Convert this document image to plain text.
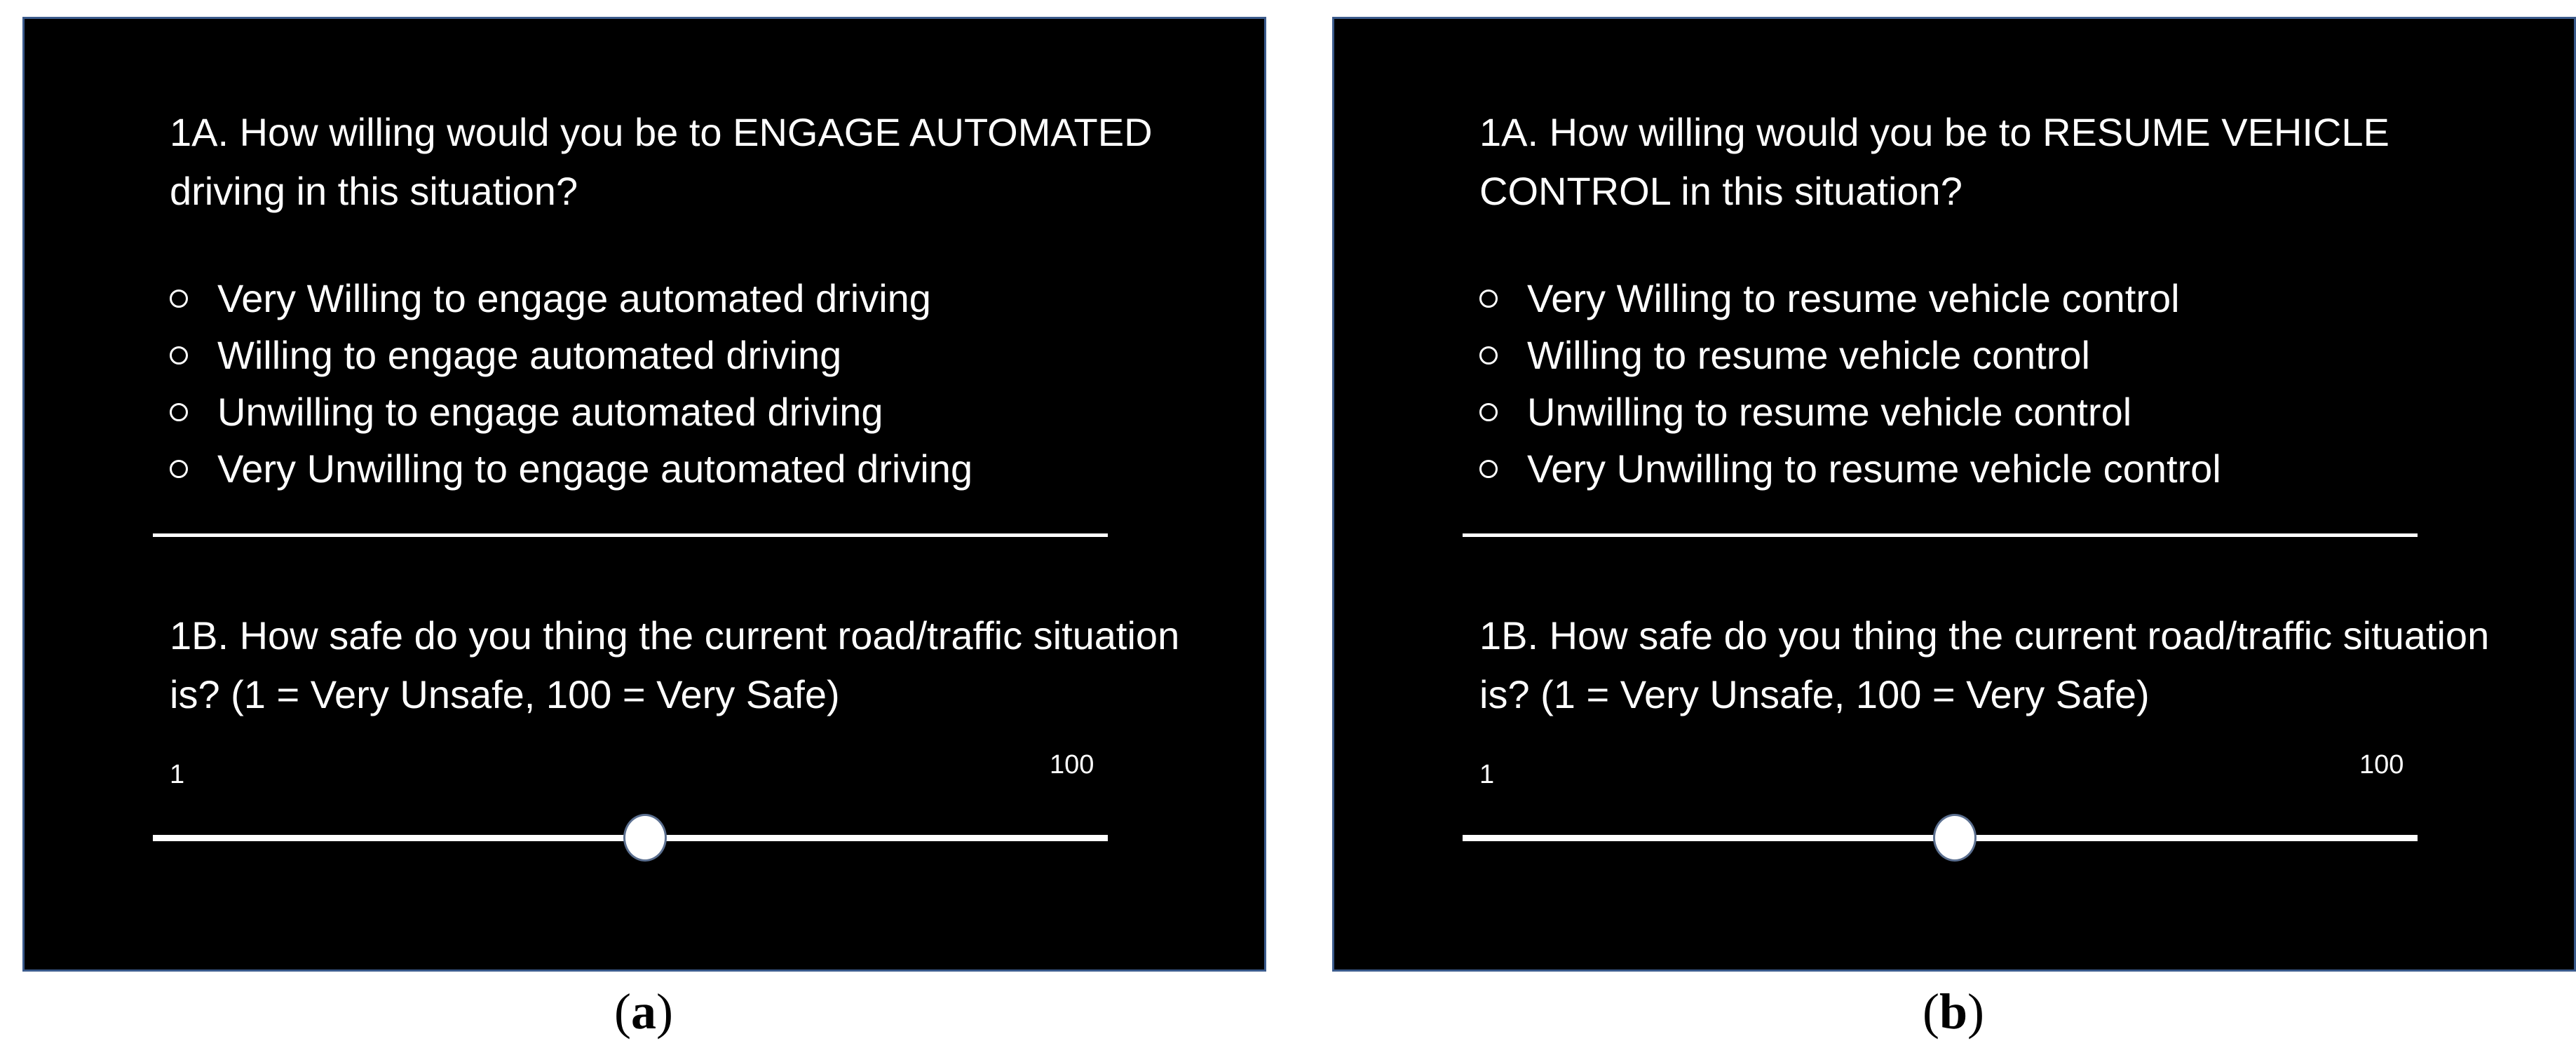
1A. How willing would you be to ENGAGE AUTOMATED driving in this situation?
Very Willing to engage automated driving
Willing to engage automated driving
Unwilling to engage automated driving
Very Unwilling to engage automated driving
1B. How safe do you thing the current road/traffic situation is? (1 = Very Unsafe, 100 = Very Safe)
1	100
1A. How willing would you be to RESUME VEHICLE CONTROL in this situation?
Very Willing to resume vehicle control
Willing to resume vehicle control
Unwilling to resume vehicle control
Very Unwilling to resume vehicle control
1B. How safe do you thing the current road/traffic situation is? (1 = Very Unsafe, 100 = Very Safe)
1	100
(a)	(b)
